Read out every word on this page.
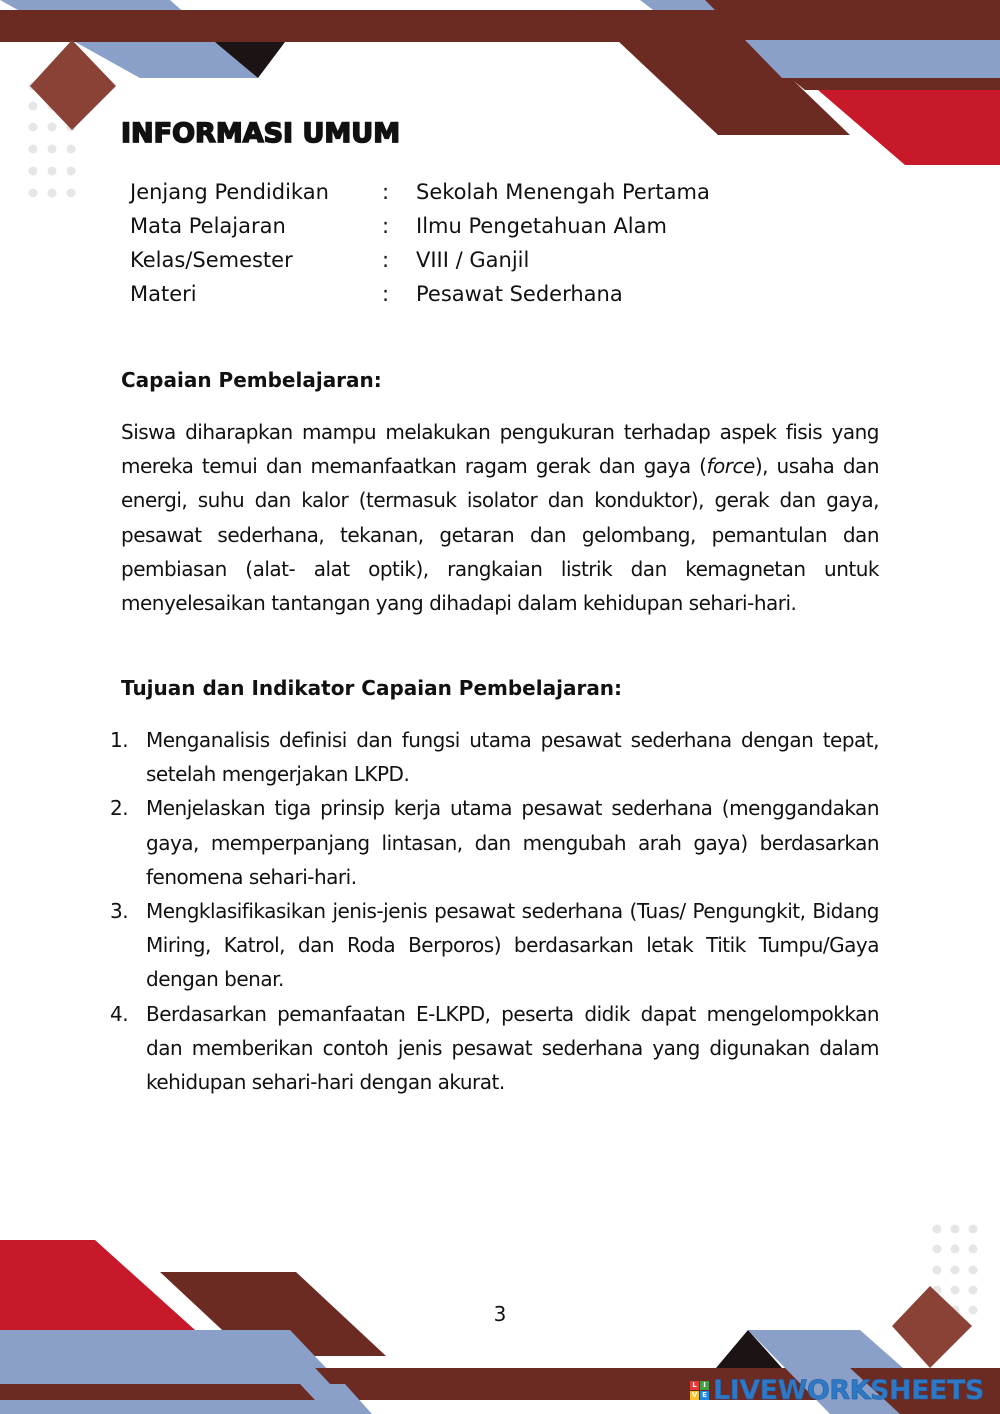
INFORMASI UMUM
Jenjang Pendidikan	: Sekolah Menengah Pertama
Mata Pelajaran	: Ilmu Pengetahuan Alam
Kelas/Semester	: VIII / Ganjil
Materi	: Pesawat Sederhana
Capaian Pembelajaran:

Siswa diharapkan mampu melakukan pengukuran terhadap aspek fisis yang mereka temui dan memanfaatkan ragam gerak dan gaya (force), usaha dan energi, suhu dan kalor (termasuk isolator dan konduktor), gerak dan gaya, pesawat sederhana, tekanan, getaran dan gelombang, pemantulan dan pembiasan (alat- alat optik), rangkaian listrik dan kemagnetan untuk menyelesaikan tantangan yang dihadapi dalam kehidupan sehari-hari.

Tujuan dan Indikator Capaian Pembelajaran:
1. Menganalisis definisi dan fungsi utama pesawat sederhana dengan tepat, setelah mengerjakan LKPD.
2. Menjelaskan tiga prinsip kerja utama pesawat sederhana (menggandakan gaya, memperpanjang lintasan, dan mengubah arah gaya) berdasarkan fenomena sehari-hari.
3. Mengklasifikasikan jenis-jenis pesawat sederhana (Tuas/ Pengungkit, Bidang Miring, Katrol, dan Roda Berporos) berdasarkan letak Titik Tumpu/Gaya dengan benar.
4. Berdasarkan pemanfaatan E-LKPD, peserta didik dapat mengelompokkan dan memberikan contoh jenis pesawat sederhana yang digunakan dalam kehidupan sehari-hari dengan akurat.
3
L I
V E LIVEWORKSHEETS
